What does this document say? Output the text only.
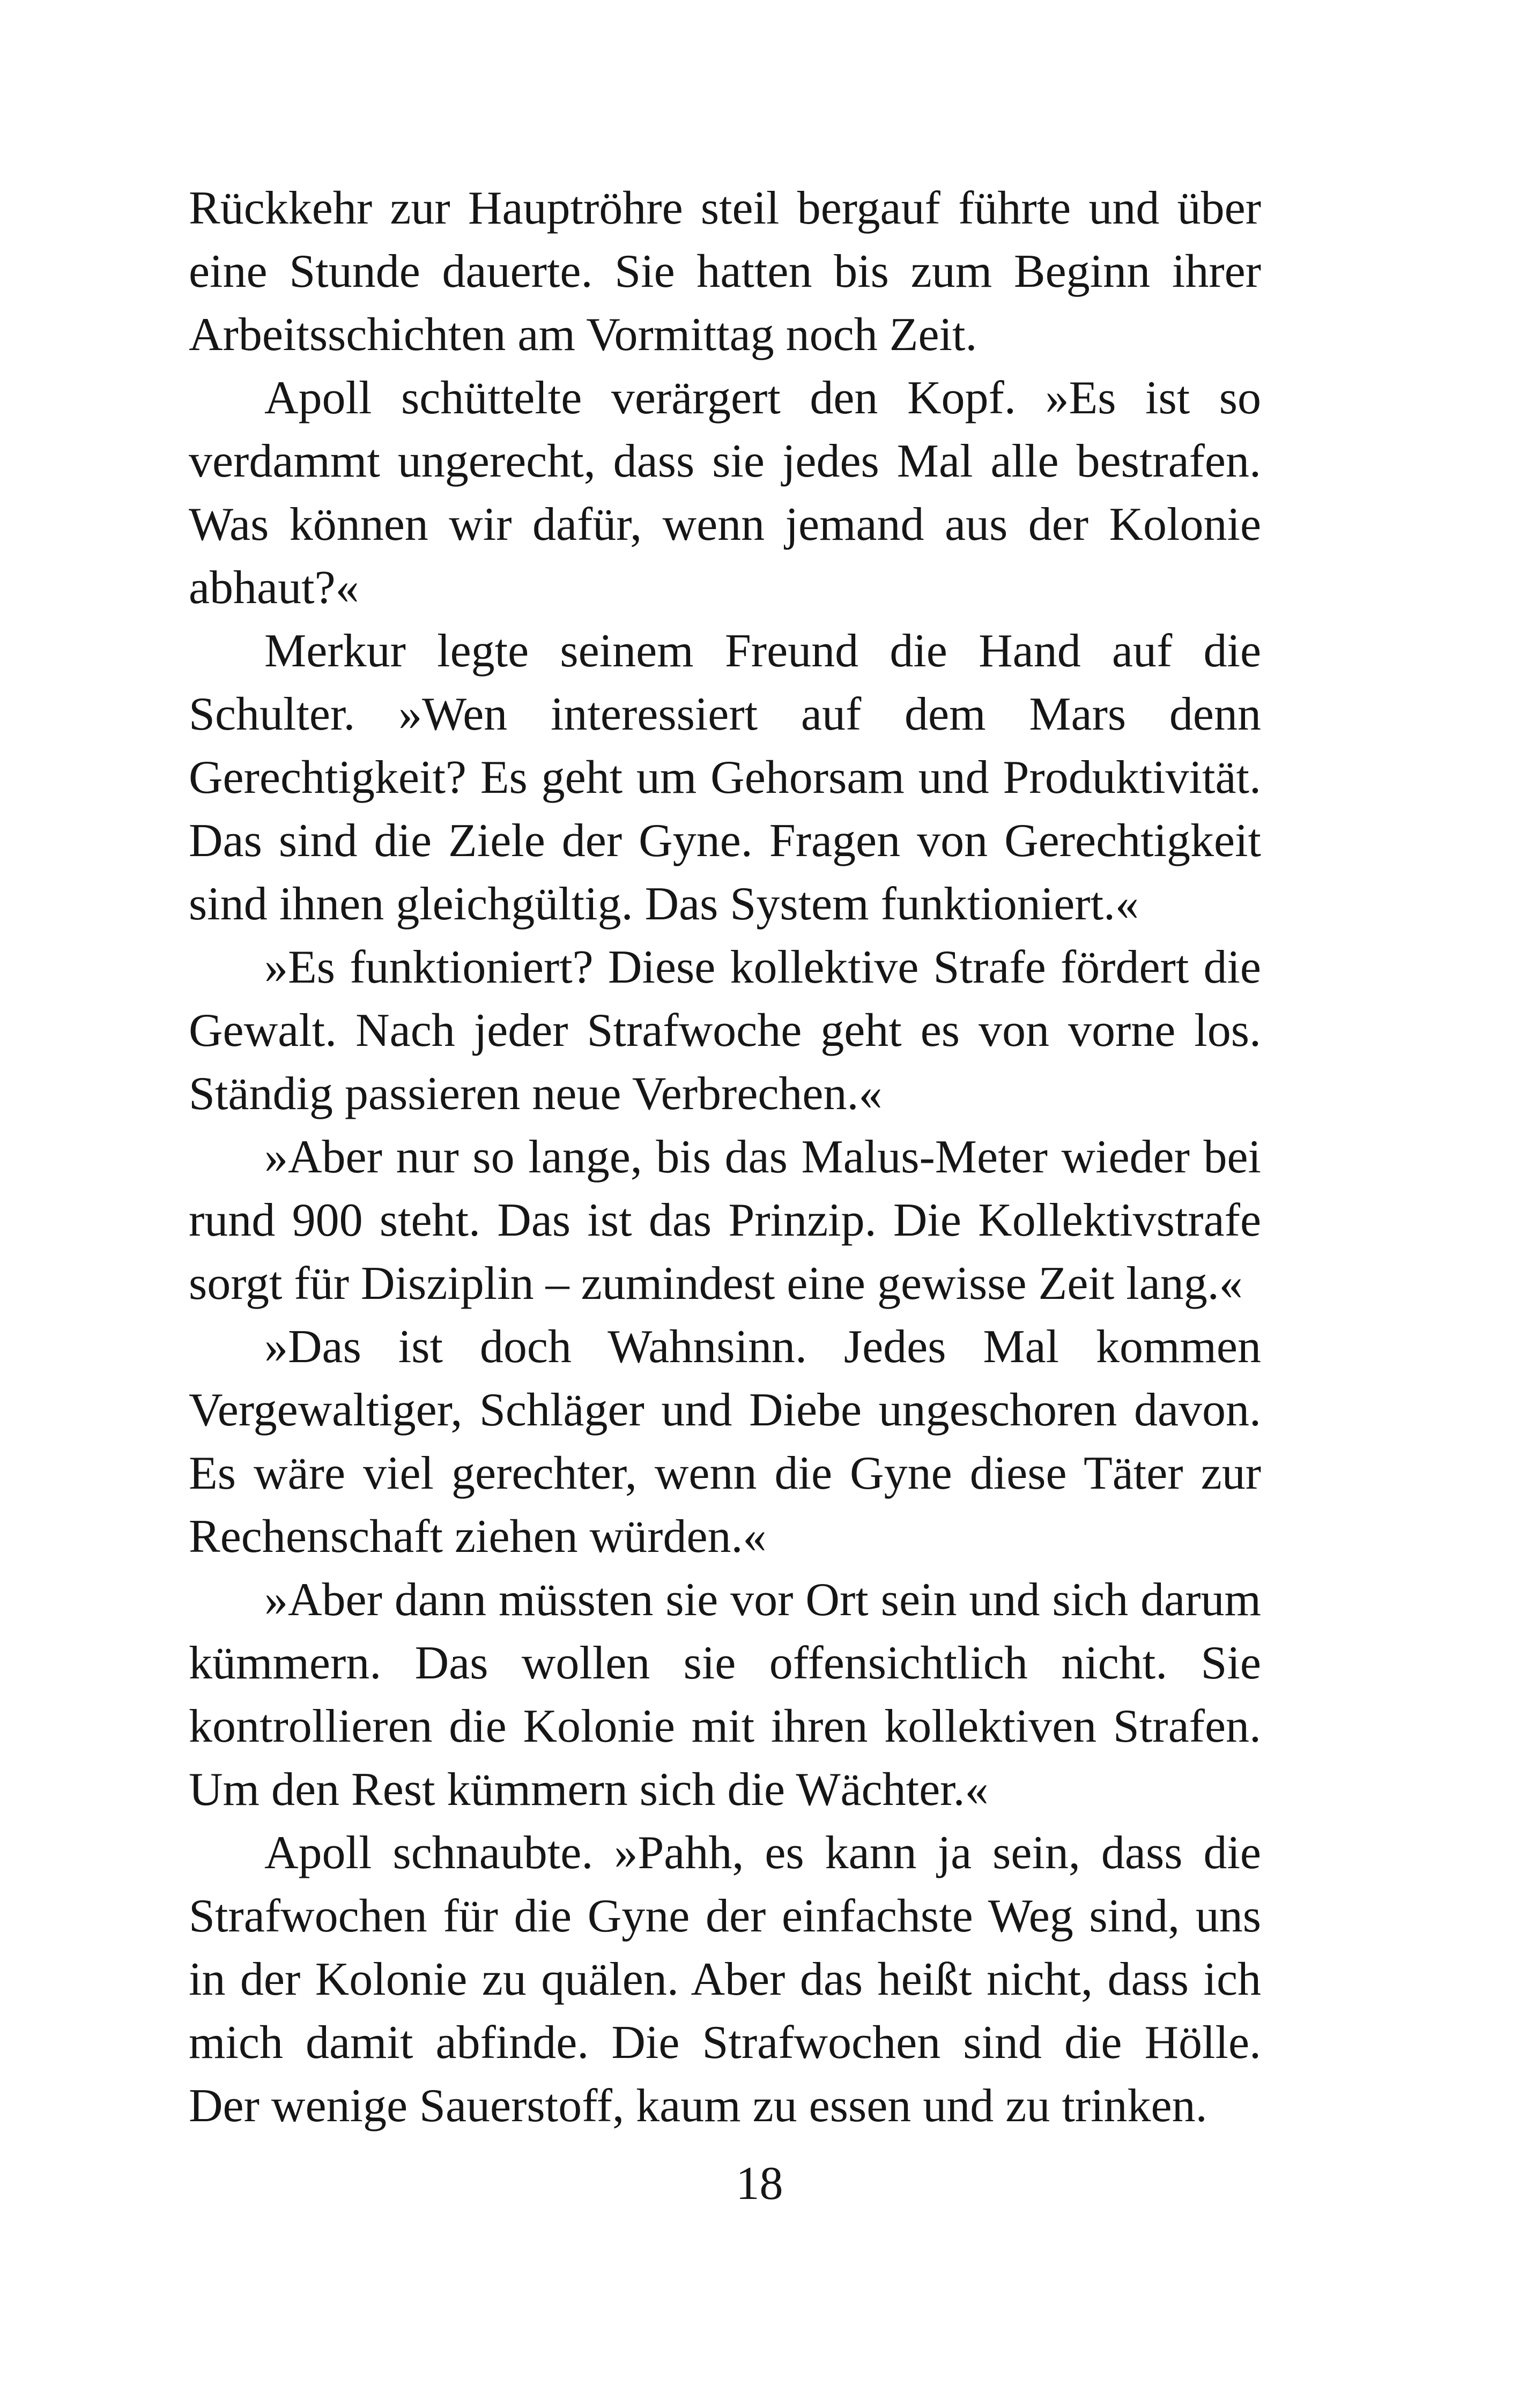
Rückkehr zur Hauptröhre steil bergauf führte und über eine Stunde dauerte. Sie hatten bis zum Beginn ihrer Arbeitsschichten am Vormittag noch Zeit.

Apoll schüttelte verärgert den Kopf. »Es ist so verdammt ungerecht, dass sie jedes Mal alle bestrafen. Was können wir dafür, wenn jemand aus der Kolonie abhaut?«

Merkur legte seinem Freund die Hand auf die Schulter. »Wen interessiert auf dem Mars denn Gerechtigkeit? Es geht um Gehorsam und Produktivität. Das sind die Ziele der Gyne. Fragen von Gerechtigkeit sind ihnen gleichgültig. Das System funktioniert.«

»Es funktioniert? Diese kollektive Strafe fördert die Gewalt. Nach jeder Strafwoche geht es von vorne los. Ständig passieren neue Verbrechen.«

»Aber nur so lange, bis das Malus-Meter wieder bei rund 900 steht. Das ist das Prinzip. Die Kollektivstrafe sorgt für Disziplin – zumindest eine gewisse Zeit lang.«

»Das ist doch Wahnsinn. Jedes Mal kommen Vergewaltiger, Schläger und Diebe ungeschoren davon. Es wäre viel gerechter, wenn die Gyne diese Täter zur Rechenschaft ziehen würden.«

»Aber dann müssten sie vor Ort sein und sich darum kümmern. Das wollen sie offensichtlich nicht. Sie kontrollieren die Kolonie mit ihren kollektiven Strafen. Um den Rest kümmern sich die Wächter.«

Apoll schnaubte. »Pahh, es kann ja sein, dass die Strafwochen für die Gyne der einfachste Weg sind, uns in der Kolonie zu quälen. Aber das heißt nicht, dass ich mich damit abfinde. Die Strafwochen sind die Hölle. Der wenige Sauerstoff, kaum zu essen und zu trinken.

18
